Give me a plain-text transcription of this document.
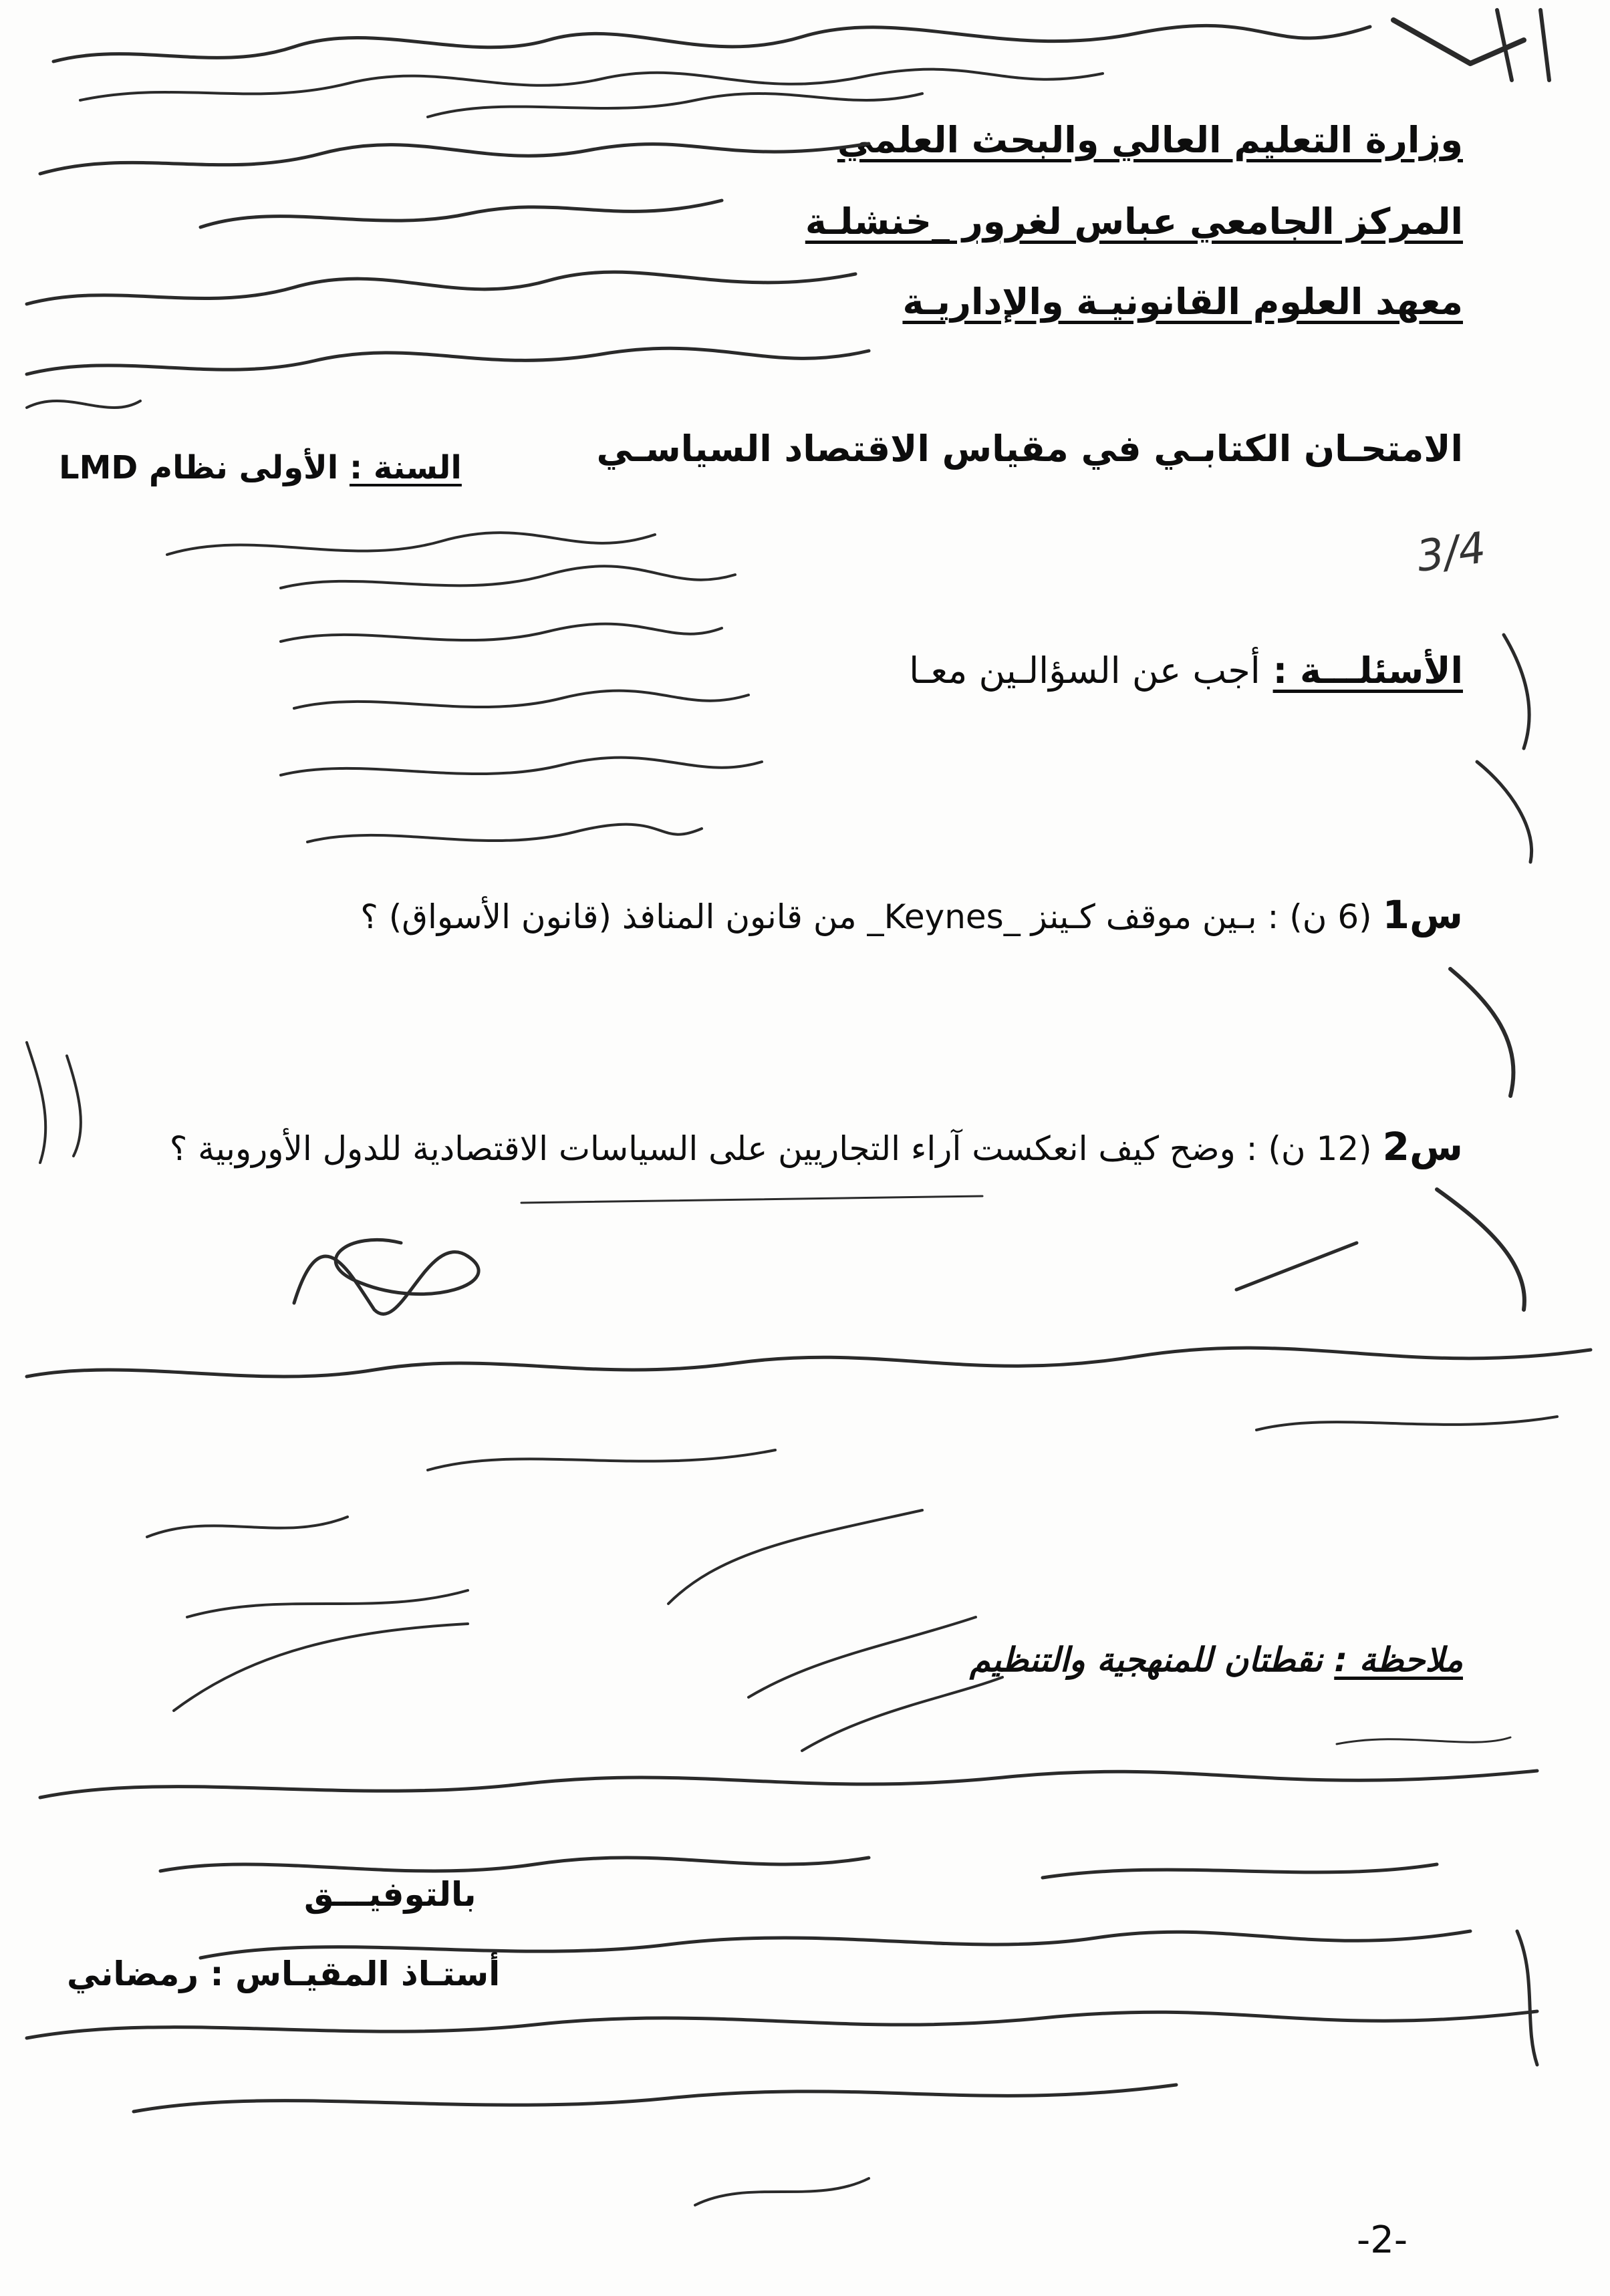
وزارة التعليم العالي والبحث العلمي
المركز الجامعي عباس لغرور _خنشلـة
معهد العلوم القانونيـة والإداريـة
الامتحـان الكتابـي في مقياس الاقتصاد السياسـي
السنة : الأولى نظام LMD
الأسئلـــة : أجب عن السؤالـين معـا
س1 (6 ن) : بـين موقف كـينز _Keynes_ من قانون المنافذ (قانون الأسواق) ؟
س2 (12 ن) : وضح كيف انعكست آراء التجاريين على السياسات الاقتصادية للدول الأوروبية ؟
ملاحظة : نقطتان للمنهجية والتنظيم
بالتوفيـــق
أستـاذ المقيـاس : رمضاني
-2-
3/4
